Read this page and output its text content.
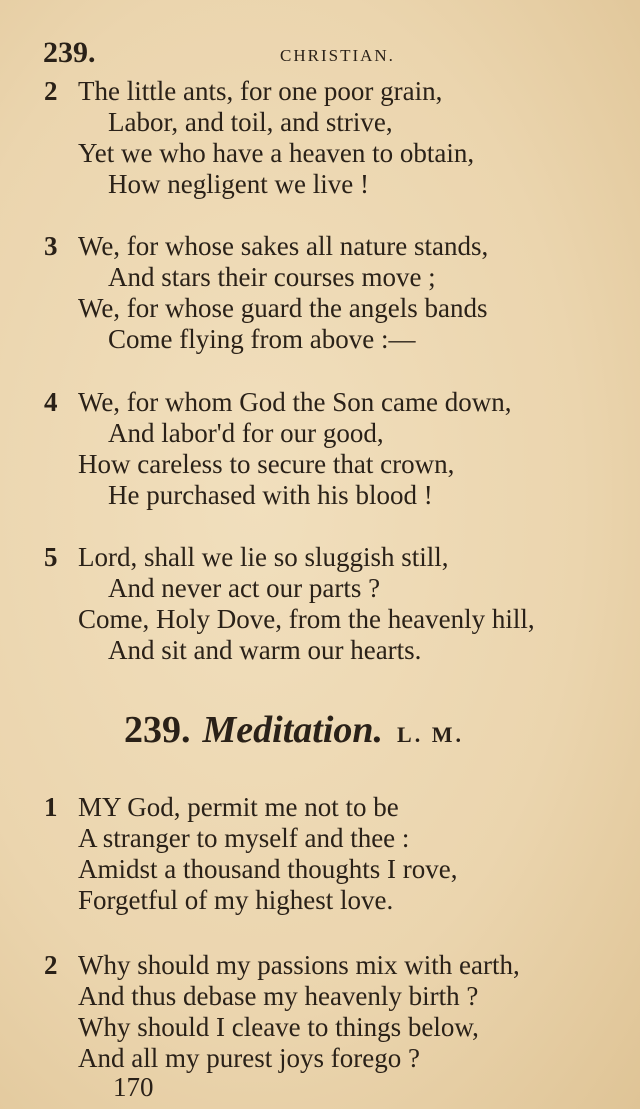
239.	CHRISTIAN.
2 The little ants, for one poor grain,
Labor, and toil, and strive,
Yet we who have a heaven to obtain,
How negligent we live !
3 We, for whose sakes all nature stands,
And stars their courses move ;
We, for whose guard the angels bands
Come flying from above :—
4 We, for whom God the Son came down,
And labor'd for our good,
How careless to secure that crown,
He purchased with his blood !
5 Lord, shall we lie so sluggish still,
And never act our parts ?
Come, Holy Dove, from the heavenly hill,
And sit and warm our hearts.
239. Meditation. L. M.
1 MY God, permit me not to be
A stranger to myself and thee :
Amidst a thousand thoughts I rove,
Forgetful of my highest love.
2 Why should my passions mix with earth,
And thus debase my heavenly birth ?
Why should I cleave to things below,
And all my purest joys forego ?
170
